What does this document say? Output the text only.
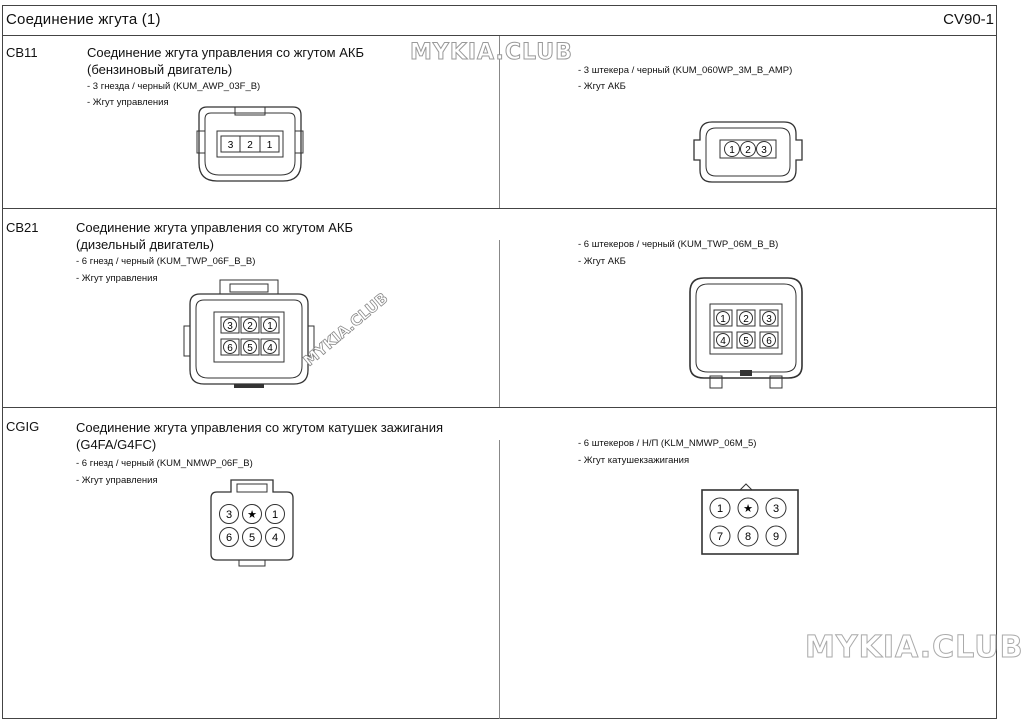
Соединение жгута (1)	CV90-1
CB11	Соединение жгута управления со жгутом АКБ
(бензиновый двигатель)
- 3 гнезда / черный (KUM_AWP_03F_B)
- Жгут управления
- 3 штекера / черный (KUM_060WP_3M_B_AMP)
- Жгут АКБ
3 2 1	1 2 3
CB21	Соединение жгута управления со жгутом АКБ
(дизельный двигатель)
- 6 гнезд / черный (KUM_TWP_06F_B_B)
- Жгут управления
- 6 штекеров / черный (KUM_TWP_06M_B_B)
- Жгут АКБ
3 2 1
6 5 4
1 2 3
4 5 6
CGIG	Соединение жгута управления со жгутом катушек зажигания
(G4FA/G4FC)
- 6 гнезд / черный (KUM_NMWP_06F_B)
- Жгут управления
- 6 штекеров / Н/П (KLM_NMWP_06M_5)
- Жгут катушекзажигания
3 ★ 1
6 5 4
1 ★ 3
7 8 9
MYKIA.CLUB
MYKIA.CLUB
MYKIA.CLUB
